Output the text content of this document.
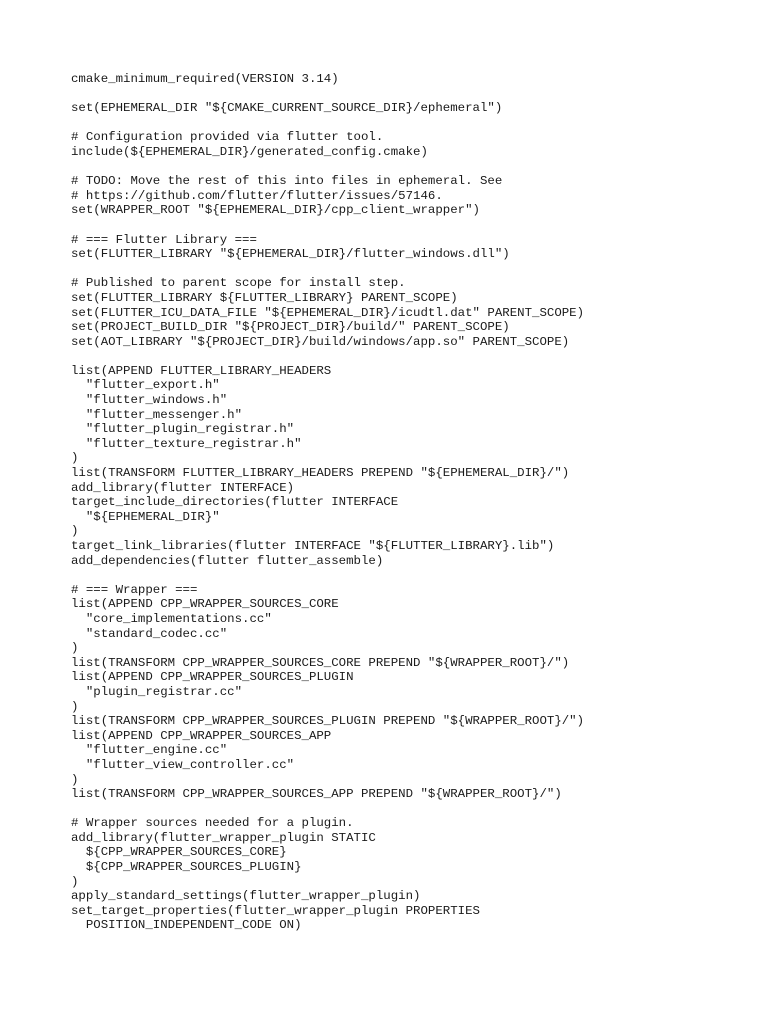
cmake_minimum_required(VERSION 3.14)
set(EPHEMERAL_DIR "${CMAKE_CURRENT_SOURCE_DIR}/ephemeral")
# Configuration provided via flutter tool.
include(${EPHEMERAL_DIR}/generated_config.cmake)
# TODO: Move the rest of this into files in ephemeral. See
# https://github.com/flutter/flutter/issues/57146.
set(WRAPPER_ROOT "${EPHEMERAL_DIR}/cpp_client_wrapper")
# === Flutter Library ===
set(FLUTTER_LIBRARY "${EPHEMERAL_DIR}/flutter_windows.dll")
# Published to parent scope for install step.
set(FLUTTER_LIBRARY ${FLUTTER_LIBRARY} PARENT_SCOPE)
set(FLUTTER_ICU_DATA_FILE "${EPHEMERAL_DIR}/icudtl.dat" PARENT_SCOPE)
set(PROJECT_BUILD_DIR "${PROJECT_DIR}/build/" PARENT_SCOPE)
set(AOT_LIBRARY "${PROJECT_DIR}/build/windows/app.so" PARENT_SCOPE)
list(APPEND FLUTTER_LIBRARY_HEADERS
"flutter_export.h"
"flutter_windows.h"
"flutter_messenger.h"
"flutter_plugin_registrar.h"
"flutter_texture_registrar.h"
)
list(TRANSFORM FLUTTER_LIBRARY_HEADERS PREPEND "${EPHEMERAL_DIR}/")
add_library(flutter INTERFACE)
target_include_directories(flutter INTERFACE
"${EPHEMERAL_DIR}"
)
target_link_libraries(flutter INTERFACE "${FLUTTER_LIBRARY}.lib")
add_dependencies(flutter flutter_assemble)
# === Wrapper ===
list(APPEND CPP_WRAPPER_SOURCES_CORE
"core_implementations.cc"
"standard_codec.cc"
)
list(TRANSFORM CPP_WRAPPER_SOURCES_CORE PREPEND "${WRAPPER_ROOT}/")
list(APPEND CPP_WRAPPER_SOURCES_PLUGIN
"plugin_registrar.cc"
)
list(TRANSFORM CPP_WRAPPER_SOURCES_PLUGIN PREPEND "${WRAPPER_ROOT}/")
list(APPEND CPP_WRAPPER_SOURCES_APP
"flutter_engine.cc"
"flutter_view_controller.cc"
)
list(TRANSFORM CPP_WRAPPER_SOURCES_APP PREPEND "${WRAPPER_ROOT}/")
# Wrapper sources needed for a plugin.
add_library(flutter_wrapper_plugin STATIC
${CPP_WRAPPER_SOURCES_CORE}
${CPP_WRAPPER_SOURCES_PLUGIN}
)
apply_standard_settings(flutter_wrapper_plugin)
set_target_properties(flutter_wrapper_plugin PROPERTIES
POSITION_INDEPENDENT_CODE ON)
